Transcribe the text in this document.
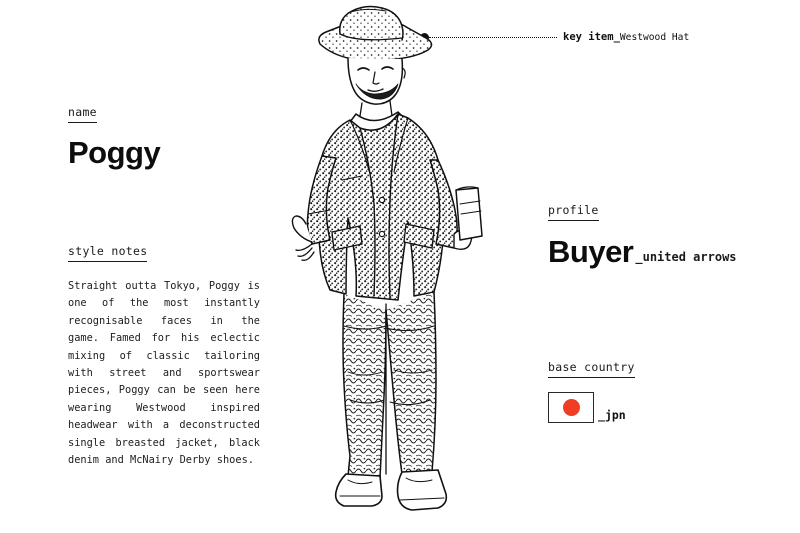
name
Poggy
style notes
Straight outta Tokyo, Poggy is one of the most instantly recognisable faces in the game. Famed for his eclectic mixing of classic tailoring with street and sportswear pieces, Poggy can be seen here wearing Westwood inspired headwear with a deconstructed single breasted jacket, black denim and McNairy Derby shoes.
profile
Buyer _ united arrows
base country
_ jpn
key item_Westwood Hat
